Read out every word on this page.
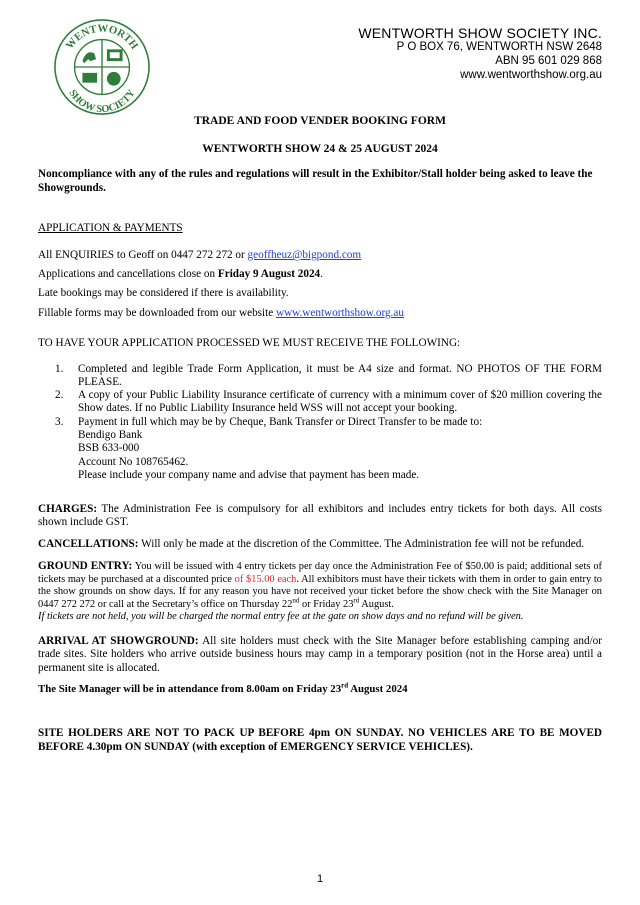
WENTWORTH
SHOW SOCIETY
WENTWORTH SHOW SOCIETY INC.
P O BOX 76, WENTWORTH NSW 2648
ABN 95 601 029 868
www.wentworthshow.org.au
TRADE AND FOOD VENDER BOOKING FORM
WENTWORTH SHOW 24 & 25 AUGUST 2024
Noncompliance with any of the rules and regulations will result in the Exhibitor/Stall holder being asked to leave the Showgrounds.
APPLICATION & PAYMENTS
All ENQUIRIES to Geoff on 0447 272 272 or geoffheuz@bigpond.com
Applications and cancellations close on Friday 9 August 2024.
Late bookings may be considered if there is availability.
Fillable forms may be downloaded from our website www.wentworthshow.org.au
TO HAVE YOUR APPLICATION PROCESSED WE MUST RECEIVE THE FOLLOWING:
1. Completed and legible Trade Form Application, it must be A4 size and format. NO PHOTOS OF THE FORM PLEASE.
2. A copy of your Public Liability Insurance certificate of currency with a minimum cover of $20 million covering the Show dates. If no Public Liability Insurance held WSS will not accept your booking.
3. Payment in full which may be by Cheque, Bank Transfer or Direct Transfer to be made to:
Bendigo Bank
BSB 633-000
Account No 108765462.
Please include your company name and advise that payment has been made.
CHARGES: The Administration Fee is compulsory for all exhibitors and includes entry tickets for both days. All costs shown include GST.
CANCELLATIONS: Will only be made at the discretion of the Committee. The Administration fee will not be refunded.
GROUND ENTRY: You will be issued with 4 entry tickets per day once the Administration Fee of $50.00 is paid; additional sets of tickets may be purchased at a discounted price of $15.00 each. All exhibitors must have their tickets with them in order to gain entry to the show grounds on show days. If for any reason you have not received your ticket before the show check with the Site Manager on 0447 272 272 or call at the Secretary’s office on Thursday 22nd or Friday 23rd August.
If tickets are not held, you will be charged the normal entry fee at the gate on show days and no refund will be given.
ARRIVAL AT SHOWGROUND: All site holders must check with the Site Manager before establishing camping and/or trade sites. Site holders who arrive outside business hours may camp in a temporary position (not in the Horse area) until a permanent site is allocated.
The Site Manager will be in attendance from 8.00am on Friday 23rd August 2024
SITE HOLDERS ARE NOT TO PACK UP BEFORE 4pm ON SUNDAY. NO VEHICLES ARE TO BE MOVED BEFORE 4.30pm ON SUNDAY (with exception of EMERGENCY SERVICE VEHICLES).
1
